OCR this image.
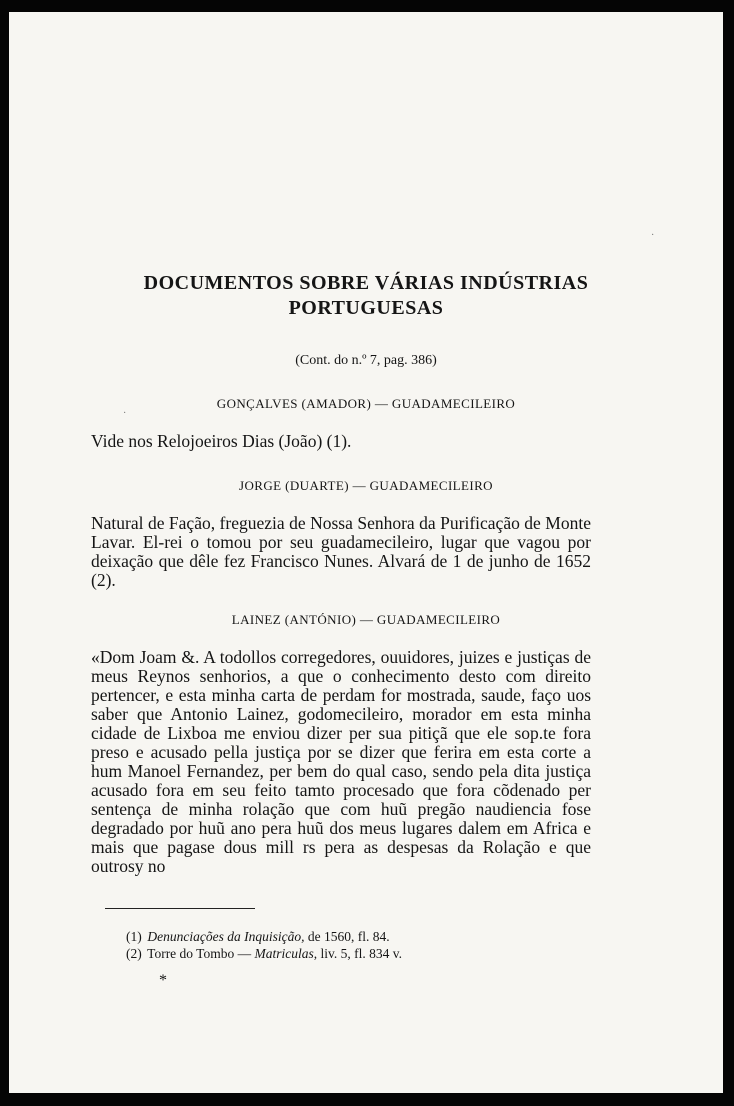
DOCUMENTOS SOBRE VÁRIAS INDÚSTRIAS
PORTUGUESAS

(Cont. do n.º 7, pag. 386)

GONÇALVES (AMADOR) — GUADAMECILEIRO

Vide nos Relojoeiros Dias (João) (1).

JORGE (DUARTE) — GUADAMECILEIRO

Natural de Fação, freguezia de Nossa Senhora da Purificação de Monte Lavar. El-rei o tomou por seu guadamecileiro, lugar que vagou por deixação que dêle fez Francisco Nunes. Alvará de 1 de junho de 1652 (2).

LAINEZ (ANTÓNIO) — GUADAMECILEIRO

«Dom Joam &. A todollos corregedores, ouuidores, juizes e justiças de meus Reynos senhorios, a que o conhecimento desto com direito pertencer, e esta minha carta de perdam for mostrada, saude, faço uos saber que Antonio Lainez, godomecileiro, morador em esta minha cidade de Lixboa me enviou dizer per sua pitiçã que ele sop.te fora preso e acusado pella justiça por se dizer que ferira em esta corte a hum Manoel Fernandez, per bem do qual caso, sendo pela dita justiça acusado fora em seu feito tamto procesado que fora cõdenado per sentença de minha rolação que com huũ pregão naudiencia fose degradado por huũ ano pera huũ dos meus lugares dalem em Africa e mais que pagase dous mill rs pera as despesas da Rolação e que outrosy no

(1) Denunciações da Inquisição, de 1560, fl. 84.

(2) Torre do Tombo — Matriculas, liv. 5, fl. 834 v.

*

·
·
